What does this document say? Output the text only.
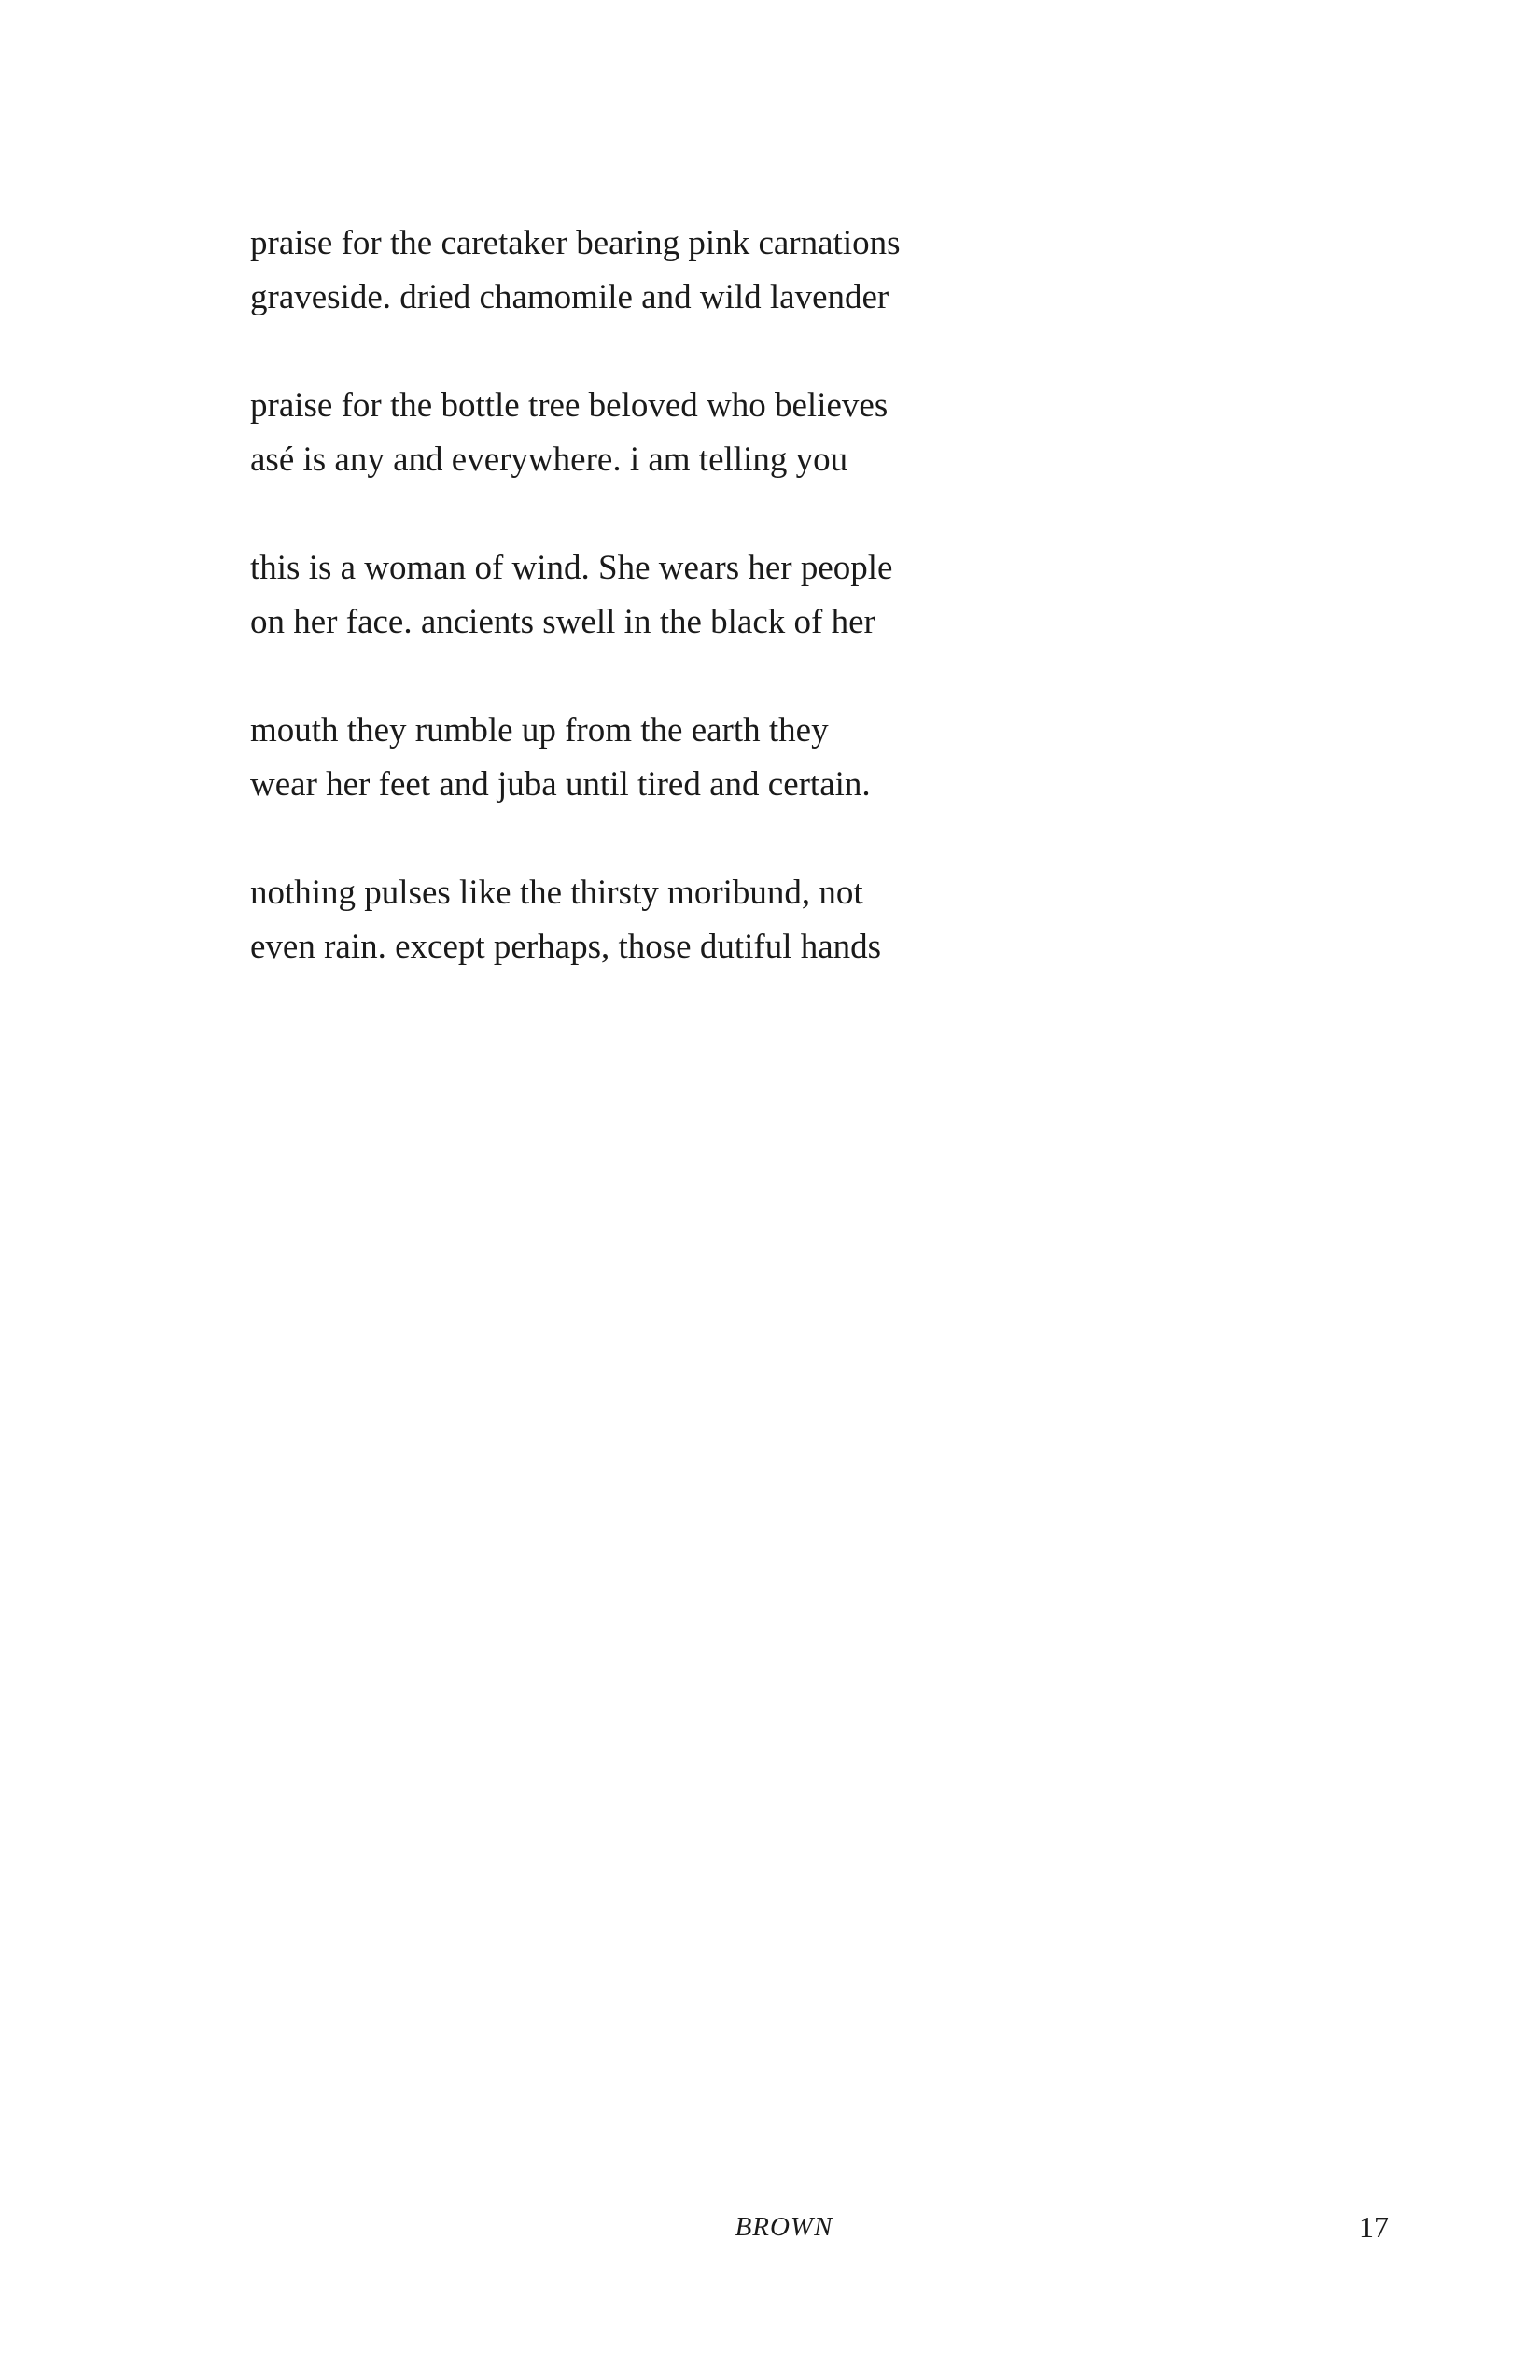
praise for the caretaker bearing pink carnations
graveside. dried chamomile and wild lavender
praise for the bottle tree beloved who believes
asé is any and everywhere. i am telling you
this is a woman of wind. She wears her people
on her face. ancients swell in the black of her
mouth they rumble up from the earth they
wear her feet and juba until tired and certain.
nothing pulses like the thirsty moribund, not
even rain. except perhaps, those dutiful hands
BROWN	17
